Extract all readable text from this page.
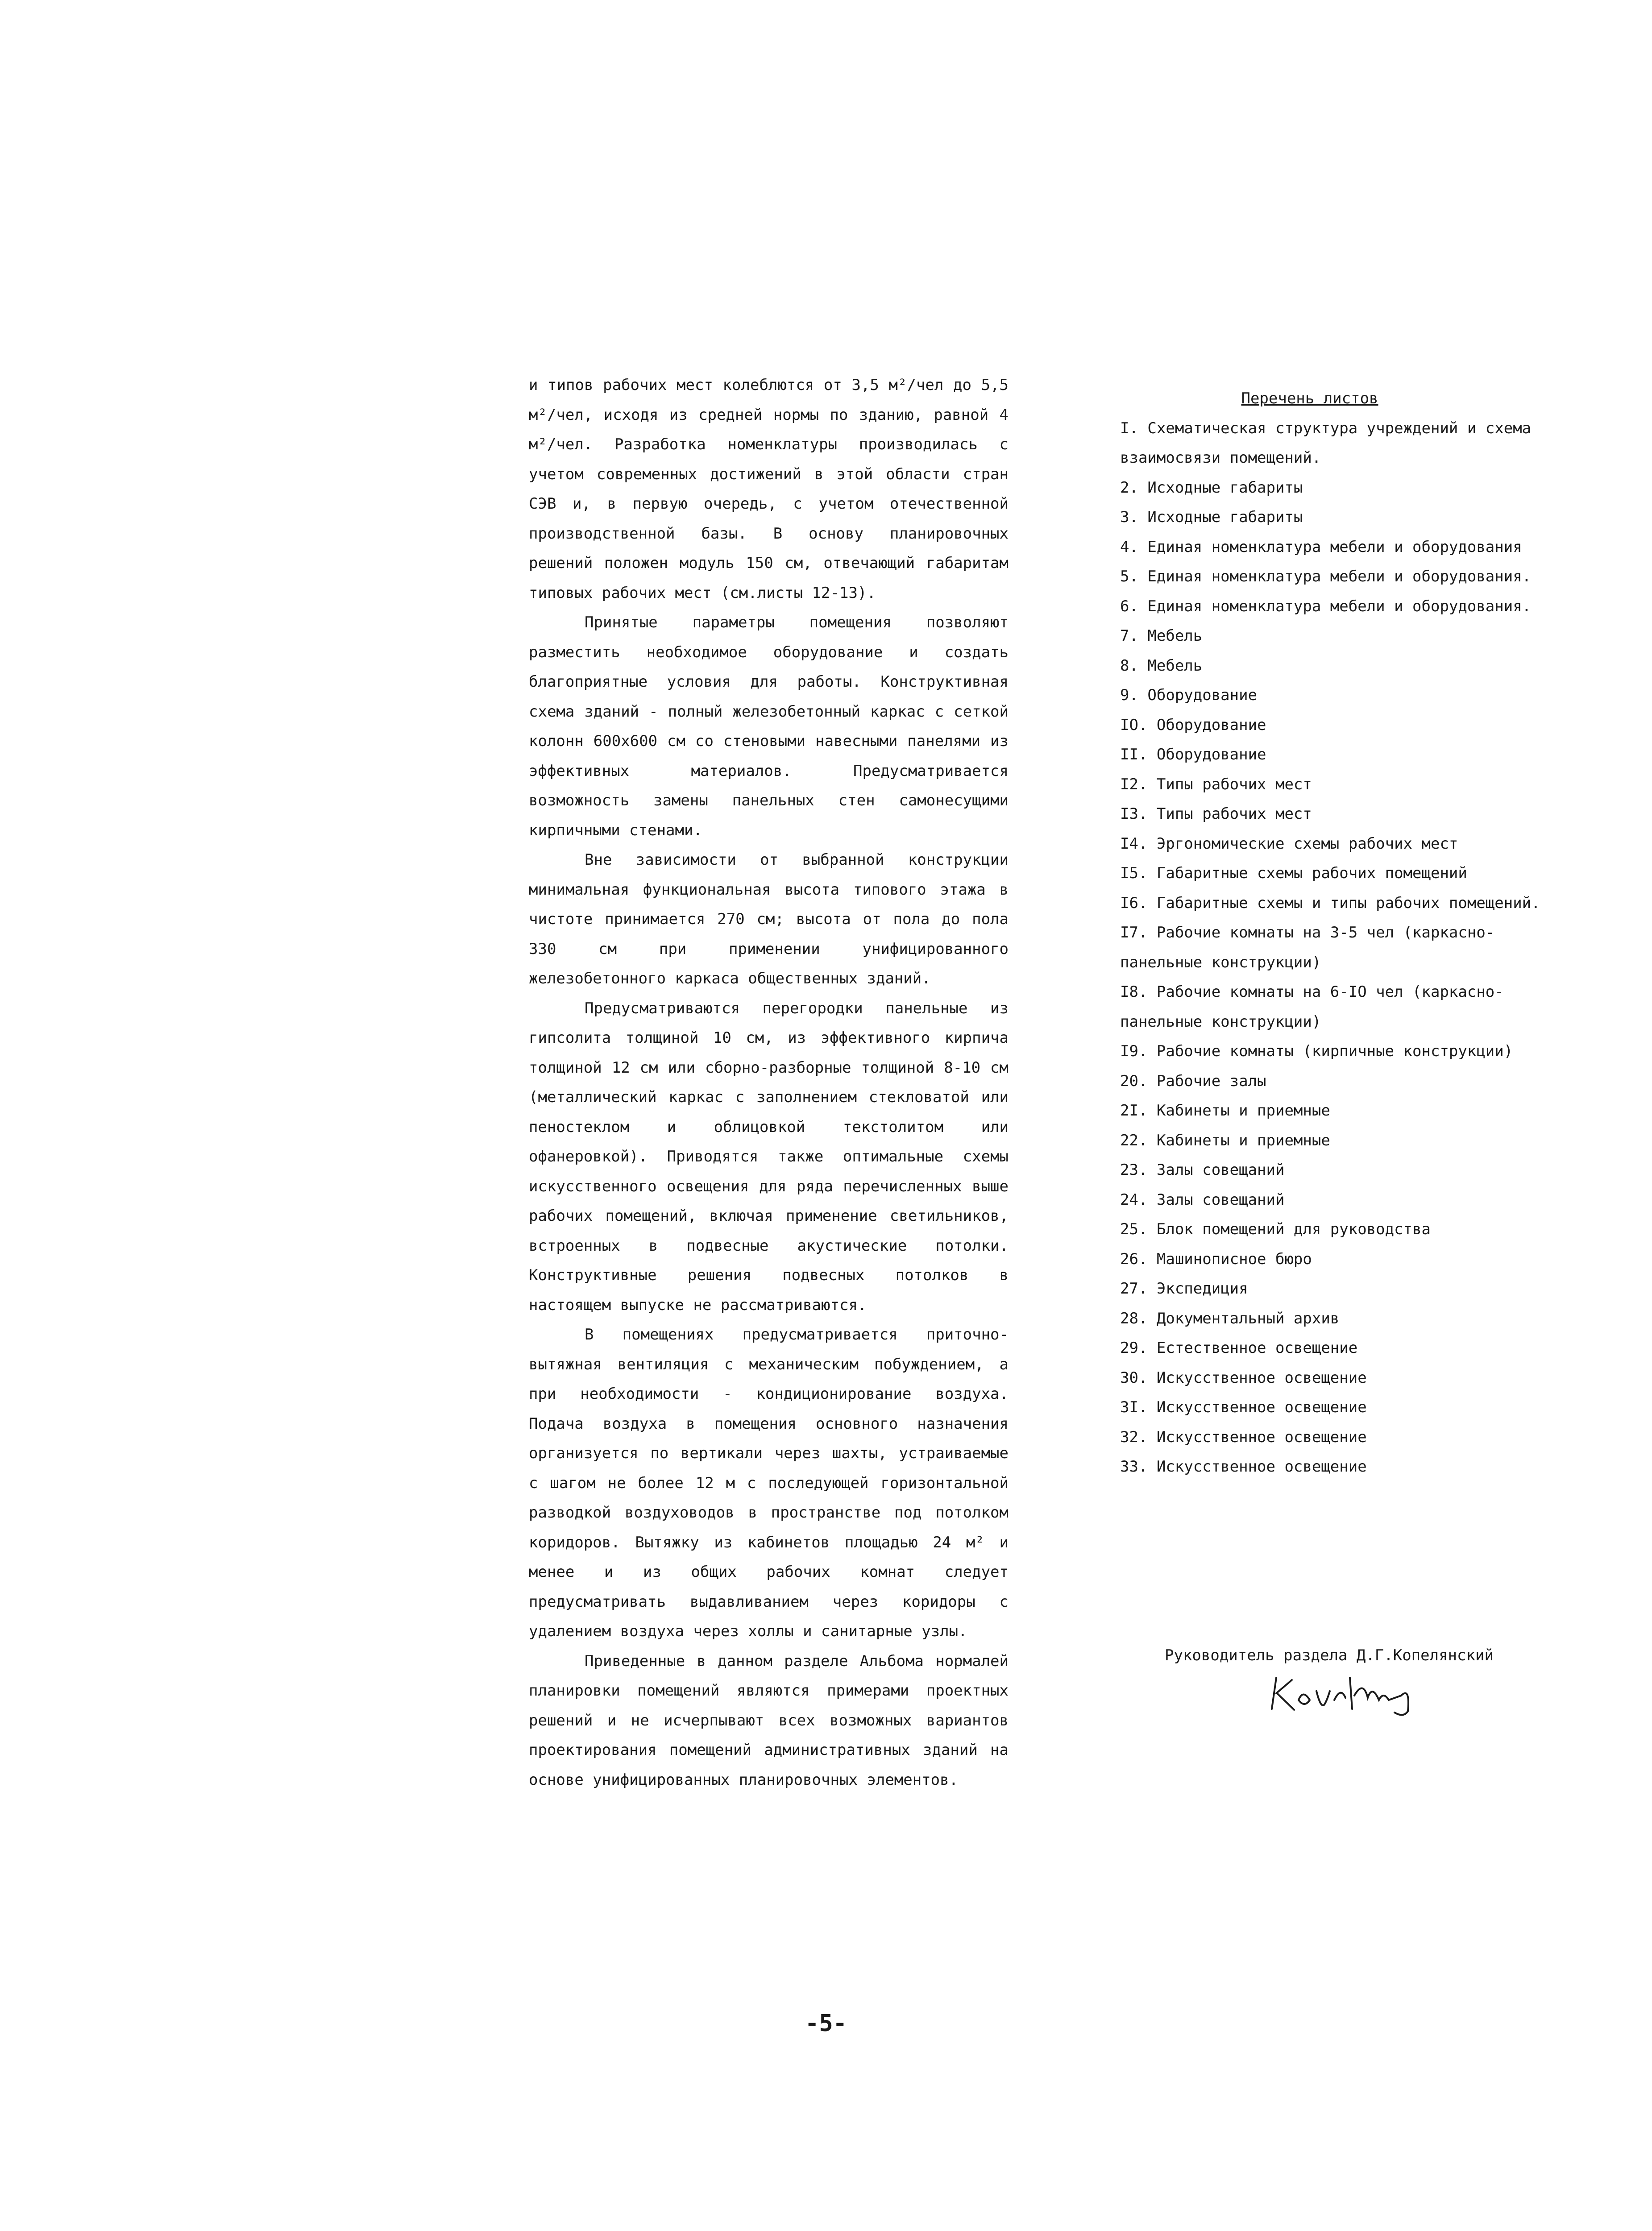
и типов рабочих мест колеблются от 3,5 м²/чел до 5,5 м²/чел, исходя из средней нормы по зданию, равной 4 м²/чел. Разработка номенклатуры производилась с учетом современных достижений в этой области стран СЭВ и, в первую очередь, с учетом отечественной производственной базы. В основу планировочных решений положен модуль 150 см, отвечающий габаритам типовых рабочих мест (см.листы 12-13).

Принятые параметры помещения позволяют разместить необходимое оборудование и создать благоприятные условия для работы. Конструктивная схема зданий - полный железобетонный каркас с сеткой колонн 600х600 см со стеновыми навесными панелями из эффективных материалов. Предусматривается возможность замены панельных стен самонесущими кирпичными стенами.

Вне зависимости от выбранной конструкции минимальная функциональная высота типового этажа в чистоте принимается 270 см; высота от пола до пола 330 см при применении унифицированного железобетонного каркаса общественных зданий.

Предусматриваются перегородки панельные из гипсолита толщиной 10 см, из эффективного кирпича толщиной 12 см или сборно-разборные толщиной 8-10 см (металлический каркас с заполнением стекловатой или пеностеклом и облицовкой текстолитом или офанеровкой). Приводятся также оптимальные схемы искусственного освещения для ряда перечисленных выше рабочих помещений, включая применение светильников, встроенных в подвесные акустические потолки. Конструктивные решения подвесных потолков в настоящем выпуске не рассматриваются.

В помещениях предусматривается приточно-вытяжная вентиляция с механическим побуждением, а при необходимости - кондиционирование воздуха. Подача воздуха в помещения основного назначения организуется по вертикали через шахты, устраиваемые с шагом не более 12 м с последующей горизонтальной разводкой воздуховодов в пространстве под потолком коридоров. Вытяжку из кабинетов площадью 24 м² и менее и из общих рабочих комнат следует предусматривать выдавливанием через коридоры с удалением воздуха через холлы и санитарные узлы.

Приведенные в данном разделе Альбома нормалей планировки помещений являются примерами проектных решений и не исчерпывают всех возможных вариантов проектирования помещений административных зданий на основе унифицированных планировочных элементов.

Перечень листов
I. Схематическая структура учреждений и схема взаимосвязи помещений.
2. Исходные габариты
3. Исходные габариты
4. Единая номенклатура мебели и оборудования
5. Единая номенклатура мебели и оборудования.
6. Единая номенклатура мебели и оборудования.
7. Мебель
8. Мебель
9. Оборудование
IO. Оборудование
II. Оборудование
I2. Типы рабочих мест
I3. Типы рабочих мест
I4. Эргономические схемы рабочих мест
I5. Габаритные схемы рабочих помещений
I6. Габаритные схемы и типы рабочих помещений.
I7. Рабочие комнаты на 3-5 чел (каркасно-панельные конструкции)
I8. Рабочие комнаты на 6-IO чел (каркасно-панельные конструкции)
I9. Рабочие комнаты (кирпичные конструкции)
20. Рабочие залы
2I. Кабинеты и приемные
22. Кабинеты и приемные
23. Залы совещаний
24. Залы совещаний
25. Блок помещений для руководства
26. Машинописное бюро
27. Экспедиция
28. Документальный архив
29. Естественное освещение
30. Искусственное освещение
3I. Искусственное освещение
32. Искусственное освещение
33. Искусственное освещение
Руководитель раздела Д.Г.Копелянский
-5-
